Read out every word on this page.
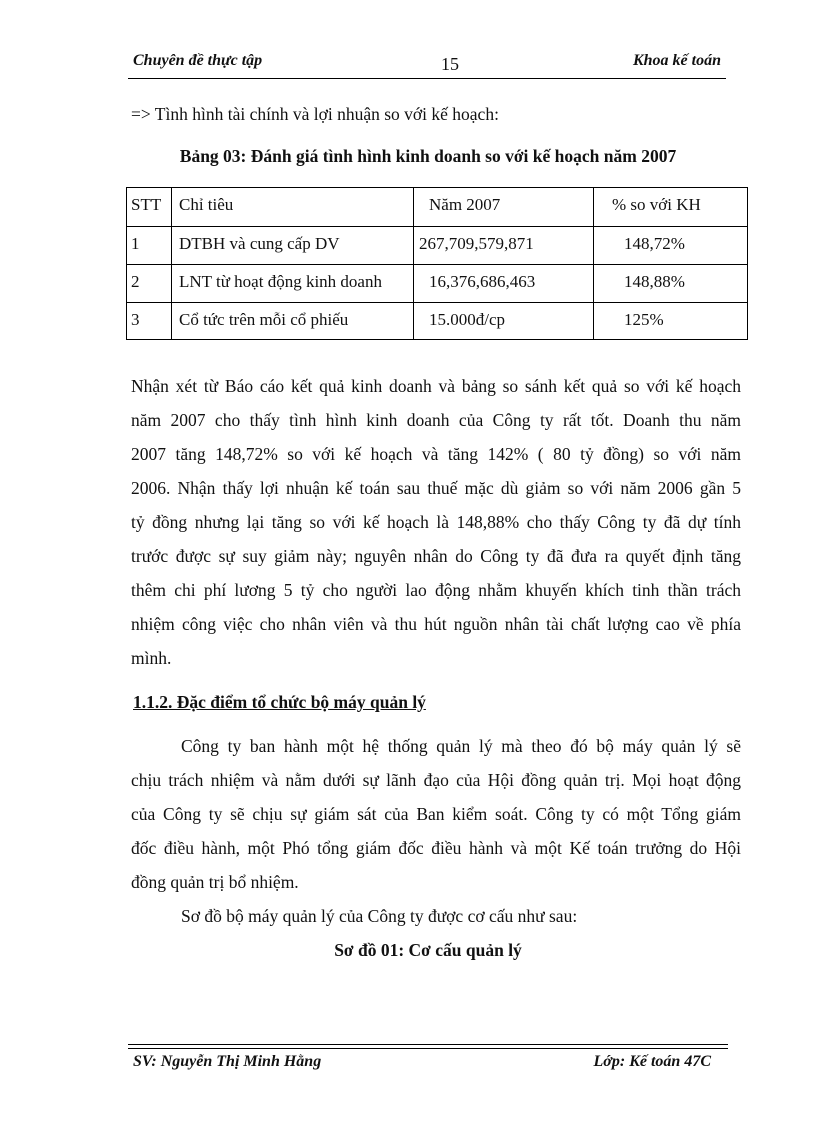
Chuyên đề thực tập	15	Khoa kế toán
=> Tình hình tài chính và lợi nhuận so với kế hoạch:
Bảng 03: Đánh giá tình hình kinh doanh so với kế hoạch năm 2007
STT Chỉ tiêu	Năm 2007	% so với KH
1 DTBH và cung cấp DV	267,709,579,871	148,72%
2 LNT từ hoạt động kinh doanh	16,376,686,463	148,88%
3 Cổ tức trên mỗi cổ phiếu	15.000đ/cp	125%
Nhận xét từ Báo cáo kết quả kinh doanh và bảng so sánh kết quả so với kế hoạch
năm 2007 cho thấy tình hình kinh doanh của Công ty rất tốt. Doanh thu năm
2007 tăng 148,72% so với kế hoạch và tăng 142% ( 80 tỷ đồng) so với năm
2006. Nhận thấy lợi nhuận kế toán sau thuế mặc dù giảm so với năm 2006 gần 5
tỷ đồng nhưng lại tăng so với kế hoạch là 148,88% cho thấy Công ty đã dự tính
trước được sự suy giảm này; nguyên nhân do Công ty đã đưa ra quyết định tăng
thêm chi phí lương 5 tỷ cho người lao động nhằm khuyến khích tinh thần trách
nhiệm công việc cho nhân viên và thu hút nguồn nhân tài chất lượng cao về phía
mình.
1.1.2. Đặc điểm tổ chức bộ máy quản lý
Công ty ban hành một hệ thống quản lý mà theo đó bộ máy quản lý sẽ
chịu trách nhiệm và nằm dưới sự lãnh đạo của Hội đồng quản trị. Mọi hoạt động
của Công ty sẽ chịu sự giám sát của Ban kiểm soát. Công ty có một Tổng giám
đốc điều hành, một Phó tổng giám đốc điều hành và một Kế toán trưởng do Hội
đồng quản trị bổ nhiệm.
Sơ đồ bộ máy quản lý của Công ty được cơ cấu như sau:
Sơ đồ 01: Cơ cấu quản lý
SV: Nguyễn Thị Minh Hằng	Lớp: Kế toán 47C
